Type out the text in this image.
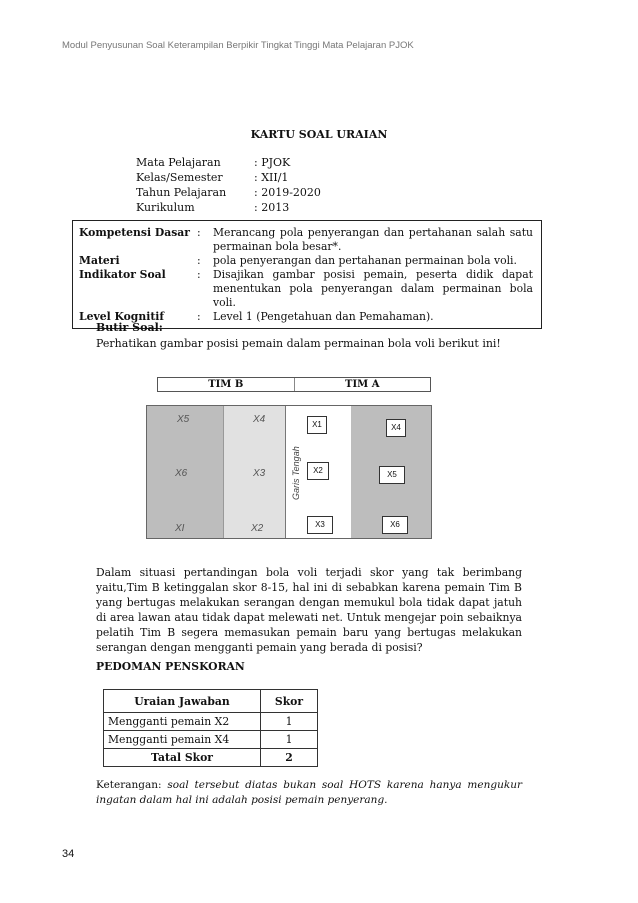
Modul Penyusunan Soal Keterampilan Berpikir Tingkat Tinggi Mata Pelajaran PJOK
KARTU SOAL URAIAN
Mata Pelajaran	: PJOK
Kelas/Semester	: XII/1
Tahun Pelajaran	: 2019-2020
Kurikulum	: 2013
Kompetensi Dasar :	Merancang pola penyerangan dan pertahanan salah satu permainan bola besar*.
Materi	:	pola penyerangan dan pertahanan permainan bola voli.
Indikator Soal	:	Disajikan gambar posisi pemain, peserta didik dapat menentukan pola penyerangan dalam permainan bola voli.
Level Kognitif	:	Level 1 (Pengetahuan dan Pemahaman).
Butir Soal:
Perhatikan gambar posisi pemain dalam permainan bola voli berikut ini!
TIM B	TIM A
X5	X4
X6	X3
XI	X2
X1	X4
X2	X5
X3	X6
Garis Tengah
Dalam situasi pertandingan bola voli terjadi skor yang tak berimbang yaitu,Tim B ketinggalan skor 8-15, hal ini di sebabkan karena pemain Tim B yang bertugas melakukan serangan dengan memukul bola tidak dapat jatuh di area lawan atau tidak dapat melewati net. Untuk mengejar poin sebaiknya pelatih Tim B segera memasukan pemain baru yang bertugas melakukan serangan dengan mengganti pemain yang berada di posisi?
PEDOMAN PENSKORAN
Uraian Jawaban	Skor
Mengganti pemain X2	1
Mengganti pemain X4	1
Tatal Skor	2
Keterangan: soal tersebut diatas bukan soal HOTS karena hanya mengukur ingatan dalam hal ini adalah posisi pemain penyerang.
34
